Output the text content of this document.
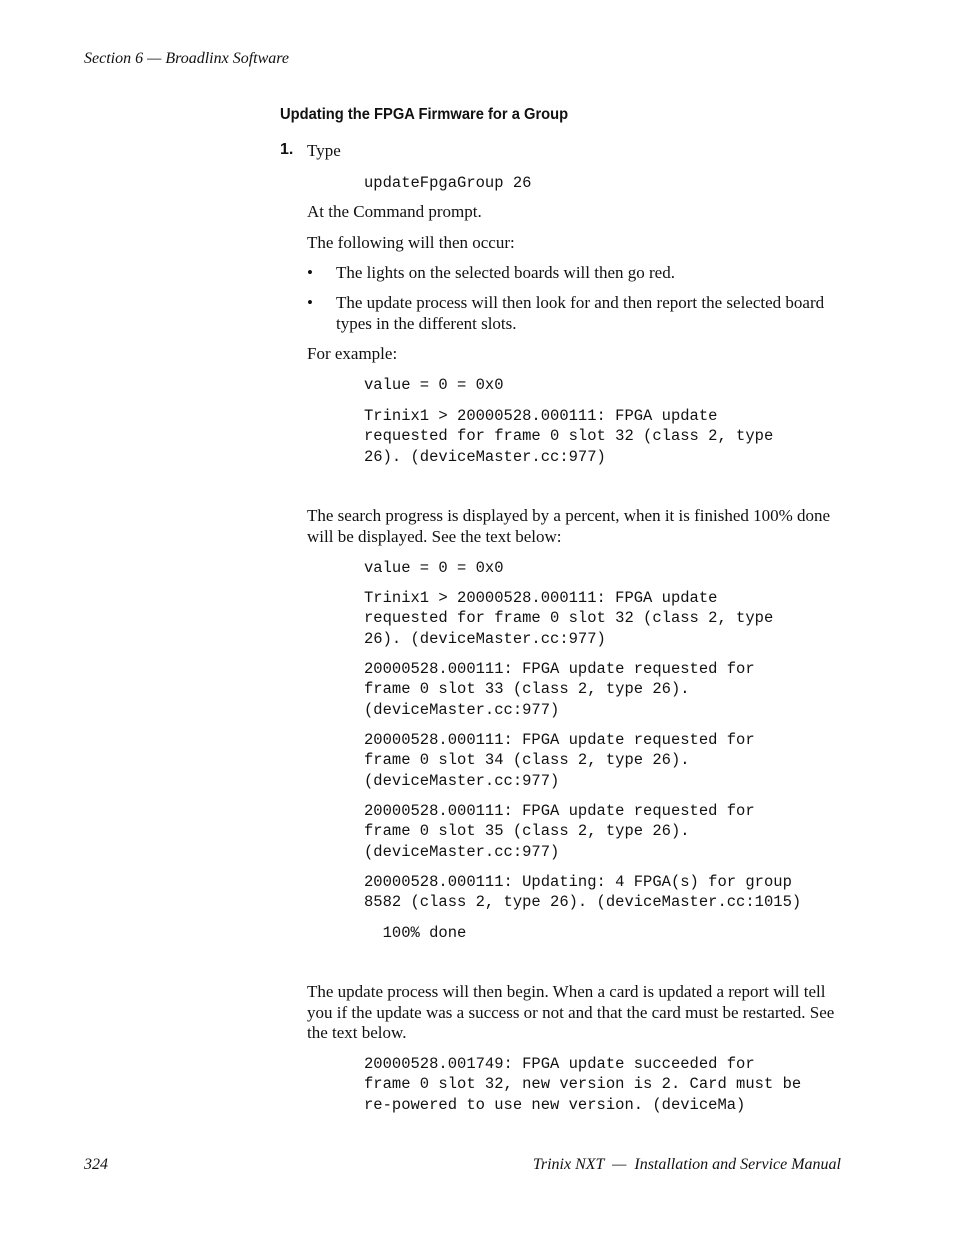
Section 6 — Broadlinx Software
Updating the FPGA Firmware for a Group
1. Type
updateFpgaGroup 26
At the Command prompt.
The following will then occur:
• The lights on the selected boards will then go red.
• The update process will then look for and then report the selected board types in the different slots.
For example:
value = 0 = 0x0
Trinix1 > 20000528.000111: FPGA update
requested for frame 0 slot 32 (class 2, type
26). (deviceMaster.cc:977)
The search progress is displayed by a percent, when it is finished 100% done will be displayed. See the text below:
value = 0 = 0x0
Trinix1 > 20000528.000111: FPGA update
requested for frame 0 slot 32 (class 2, type
26). (deviceMaster.cc:977)
20000528.000111: FPGA update requested for
frame 0 slot 33 (class 2, type 26).
(deviceMaster.cc:977)
20000528.000111: FPGA update requested for
frame 0 slot 34 (class 2, type 26).
(deviceMaster.cc:977)
20000528.000111: FPGA update requested for
frame 0 slot 35 (class 2, type 26).
(deviceMaster.cc:977)
20000528.000111: Updating: 4 FPGA(s) for group
8582 (class 2, type 26). (deviceMaster.cc:1015)
100% done
The update process will then begin. When a card is updated a report will tell you if the update was a success or not and that the card must be restarted. See the text below.
20000528.001749: FPGA update succeeded for
frame 0 slot 32, new version is 2. Card must be
re-powered to use new version. (deviceMa)
324	Trinix NXT  —  Installation and Service Manual
